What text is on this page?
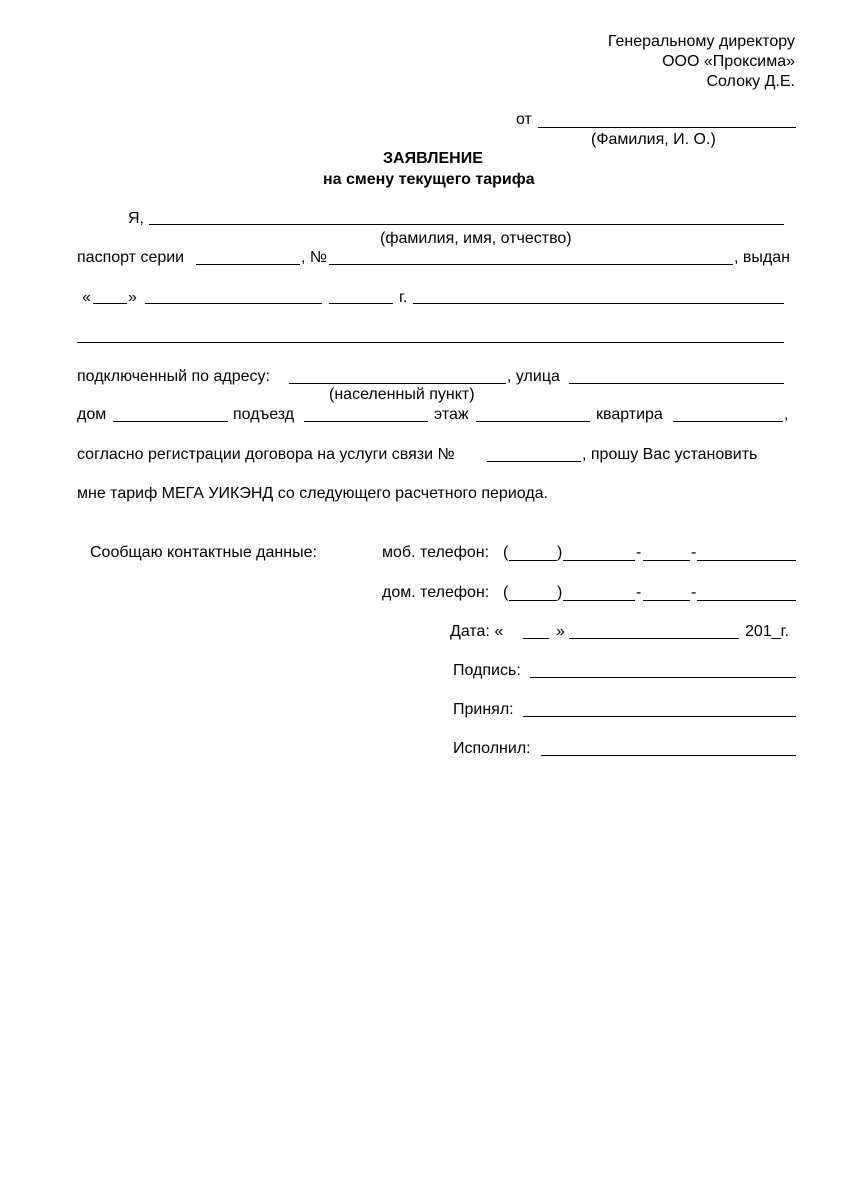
Генеральному директору
ООО «Проксима»
Солоку Д.Е.
от
(Фамилия, И. О.)
ЗАЯВЛЕНИЕ
на смену текущего тарифа
Я,
(фамилия, имя, отчество)
паспорт серии	, №	, выдан
« »	г.
подключенный по адресу:	, улица
(населенный пункт)
дом	подъезд	этаж	квартира	,
согласно регистрации договора на услуги связи №	, прошу Вас установить
мне тариф МЕГА УИКЭНД со следующего расчетного периода.
Сообщаю контактные данные:	моб. телефон: (	)	-	-
дом. телефон: (	)	-	-
Дата: «	»	201_г.
Подпись:
Принял:
Исполнил:
